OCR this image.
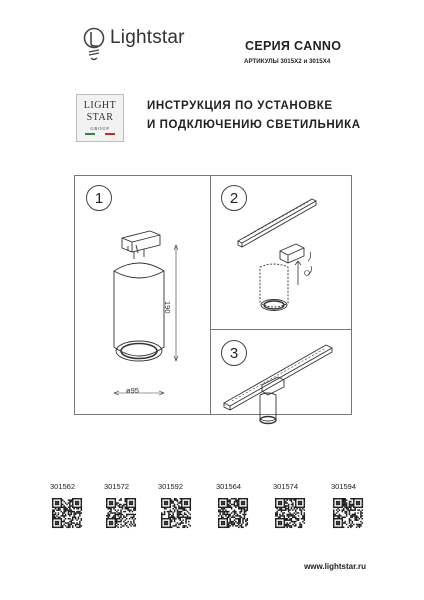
Lightstar	СЕРИЯ CANNO
АРТИКУЛЫ 3015X2 и 3015X4
LIGHT
STAR
GROUP
ИНСТРУКЦИЯ ПО УСТАНОВКЕ
И ПОДКЛЮЧЕНИЮ СВЕТИЛЬНИКА
1	2
3
190
ø95
301562	301572	301592	301564	301574	301594
www.lightstar.ru
